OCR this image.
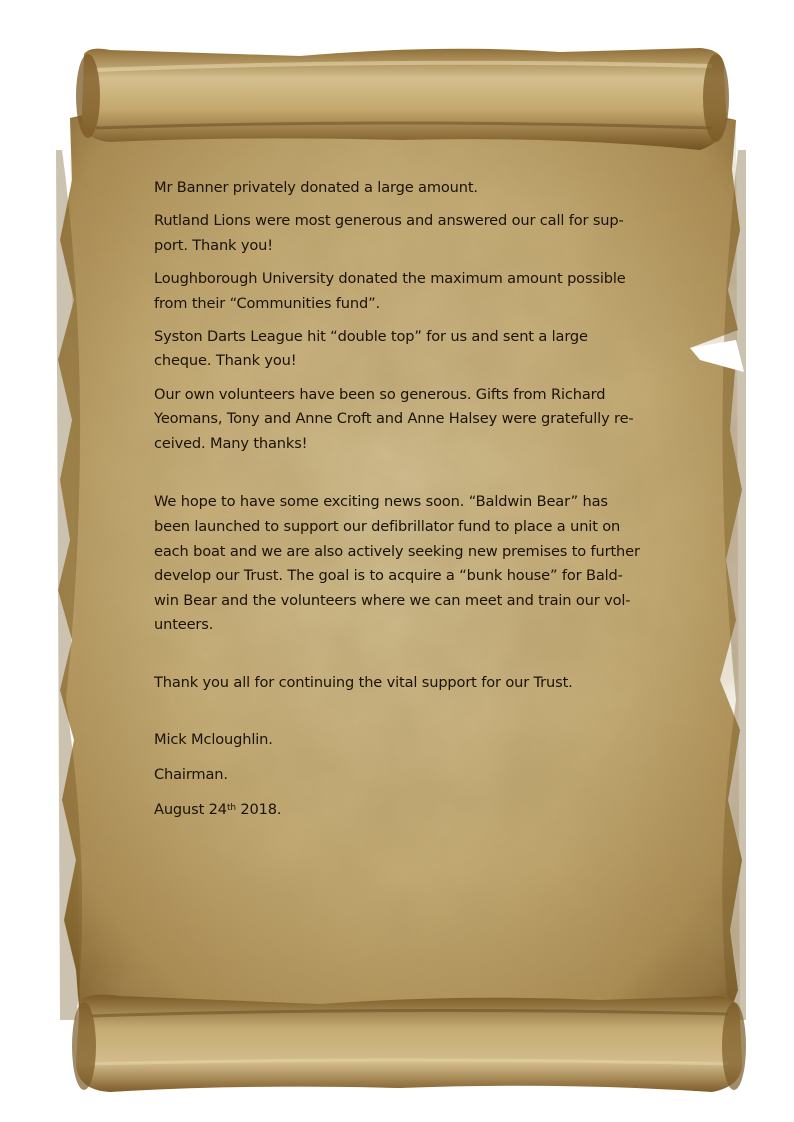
Mr Banner privately donated a large amount.

Rutland Lions were most generous and answered our call for sup-
port. Thank you!

Loughborough University donated the maximum amount possible
from their “Communities fund”.

Syston Darts League hit “double top” for us and sent a large
cheque. Thank you!

Our own volunteers have been so generous. Gifts from Richard
Yeomans, Tony and Anne Croft and Anne Halsey were gratefully re-
ceived. Many thanks!

We hope to have some exciting news soon. “Baldwin Bear” has
been launched to support our defibrillator fund to place a unit on
each boat and we are also actively seeking new premises to further
develop our Trust. The goal is to acquire a “bunk house” for Bald-
win Bear and the volunteers where we can meet and train our vol-
unteers.

Thank you all for continuing the vital support for our Trust.

Mick Mcloughlin.

Chairman.

August 24th 2018.
